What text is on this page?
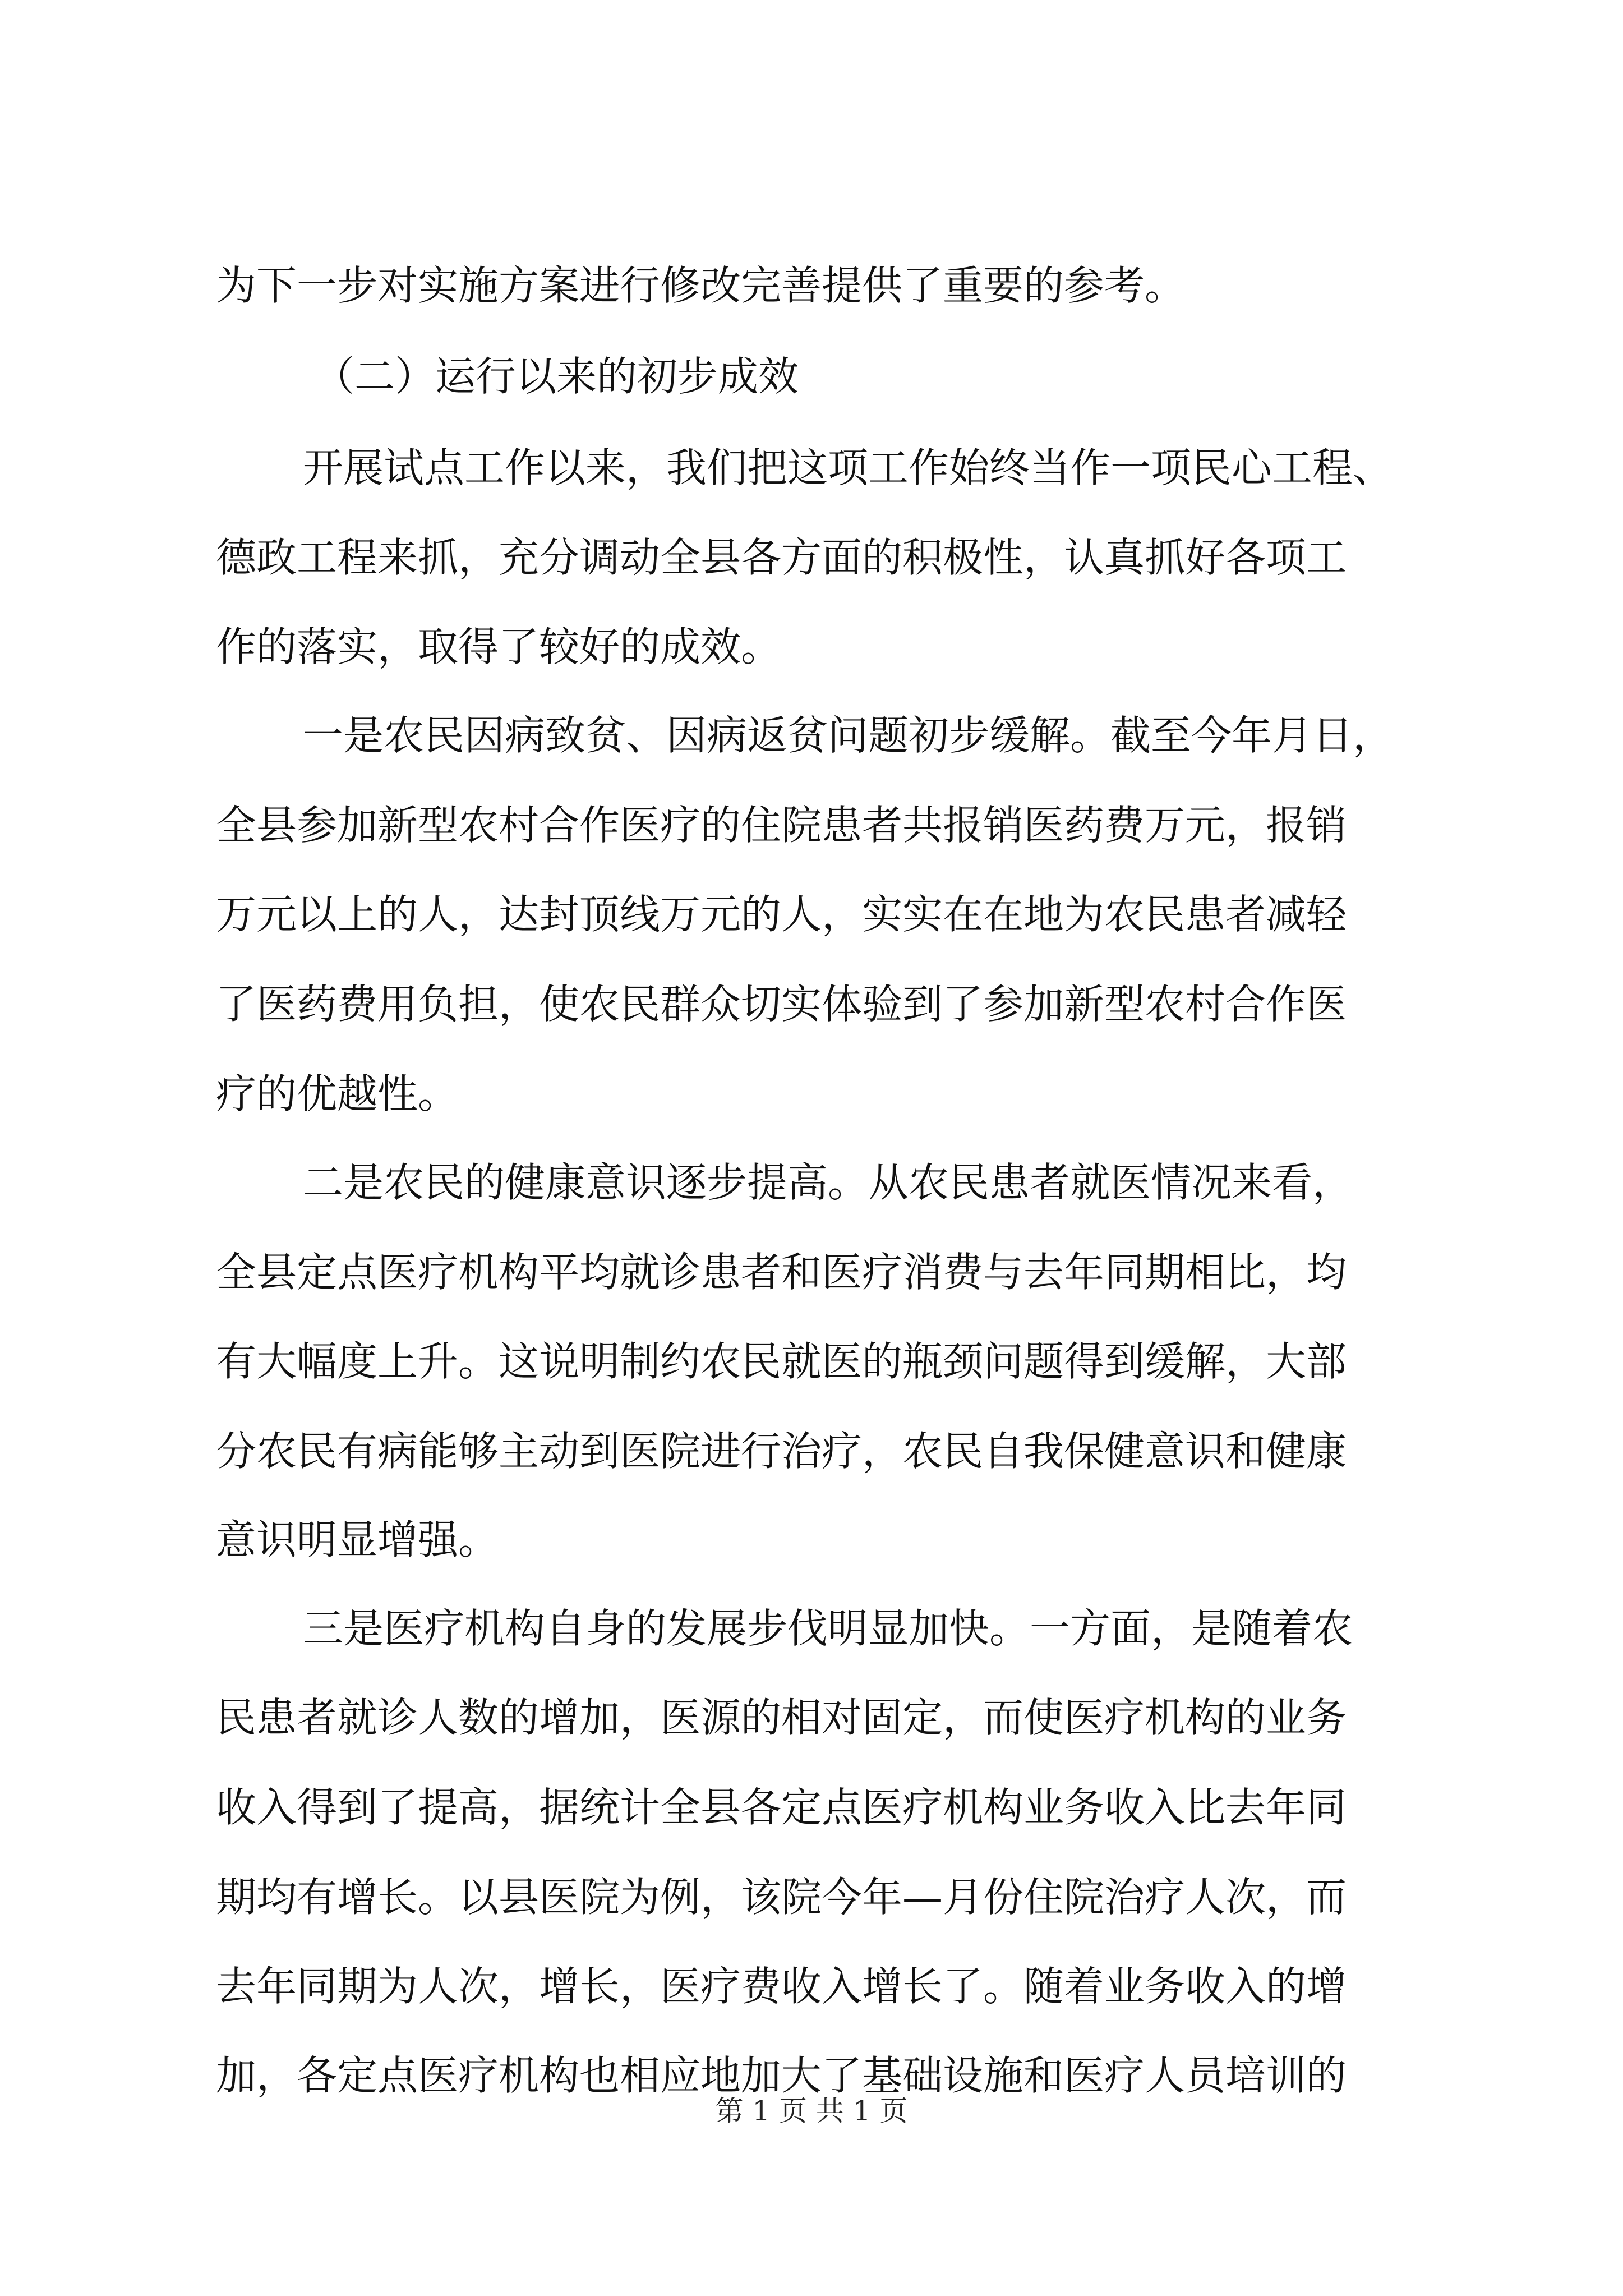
为下一步对实施方案进行修改完善提供了重要的参考。
（二）运行以来的初步成效
开展试点工作以来，我们把这项工作始终当作一项民心工程、
德政工程来抓，充分调动全县各方面的积极性，认真抓好各项工
作的落实，取得了较好的成效。
一是农民因病致贫、因病返贫问题初步缓解。截至今年月日，
全县参加新型农村合作医疗的住院患者共报销医药费万元，报销
万元以上的人，达封顶线万元的人，实实在在地为农民患者减轻
了医药费用负担，使农民群众切实体验到了参加新型农村合作医
疗的优越性。
二是农民的健康意识逐步提高。从农民患者就医情况来看，
全县定点医疗机构平均就诊患者和医疗消费与去年同期相比，均
有大幅度上升。这说明制约农民就医的瓶颈问题得到缓解，大部
分农民有病能够主动到医院进行治疗，农民自我保健意识和健康
意识明显增强。
三是医疗机构自身的发展步伐明显加快。一方面，是随着农
民患者就诊人数的增加，医源的相对固定，而使医疗机构的业务
收入得到了提高，据统计全县各定点医疗机构业务收入比去年同
期均有增长。以县医院为例，该院今年—月份住院治疗人次，而
去年同期为人次，增长，医疗费收入增长了。随着业务收入的增
加，各定点医疗机构也相应地加大了基础设施和医疗人员培训的
第 1 页 共 1 页
